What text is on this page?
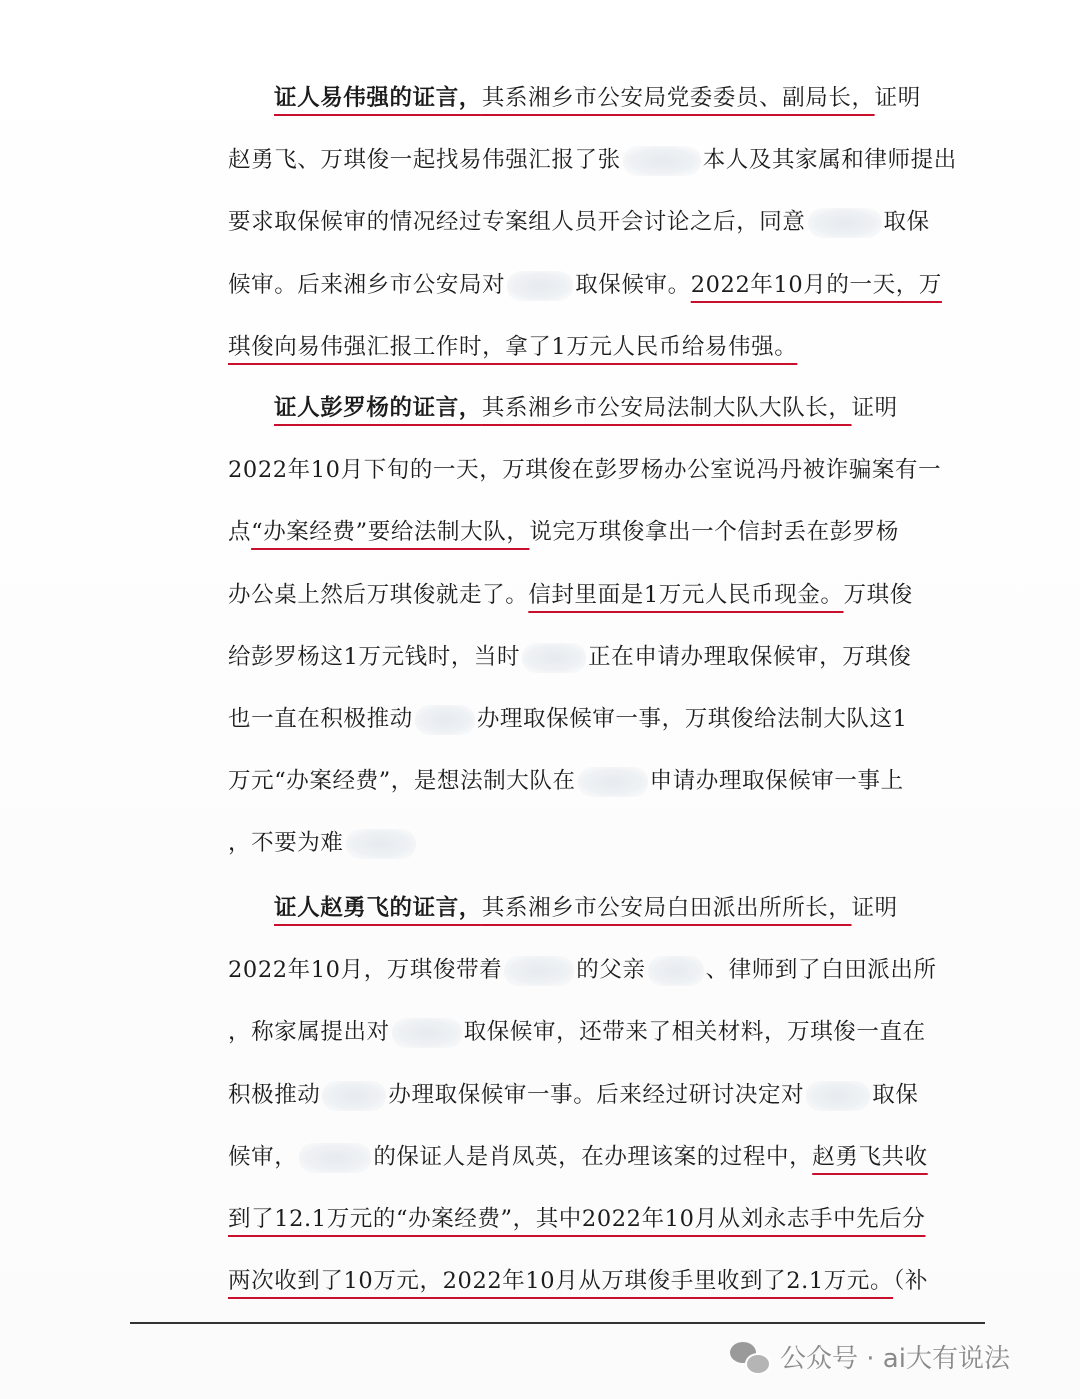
证人易伟强的证言，其系湘乡市公安局党委委员、副局长，证明
赵勇飞、万琪俊一起找易伟强汇报了张	本人及其家属和律师提出
要求取保候审的情况经过专案组人员开会讨论之后，同意	取保
候审。后来湘乡市公安局对	取保候审。2022年10月的一天，万
琪俊向易伟强汇报工作时，拿了1万元人民币给易伟强。
证人彭罗杨的证言，其系湘乡市公安局法制大队大队长，证明
2022年10月下旬的一天，万琪俊在彭罗杨办公室说冯丹被诈骗案有一
点“办案经费”要给法制大队，说完万琪俊拿出一个信封丢在彭罗杨
办公桌上然后万琪俊就走了。信封里面是1万元人民币现金。万琪俊
给彭罗杨这1万元钱时，当时	正在申请办理取保候审，万琪俊
也一直在积极推动	办理取保候审一事，万琪俊给法制大队这1
万元“办案经费”，是想法制大队在	申请办理取保候审一事上
，不要为难
证人赵勇飞的证言，其系湘乡市公安局白田派出所所长，证明
2022年10月，万琪俊带着	的父亲	、律师到了白田派出所
，称家属提出对	取保候审，还带来了相关材料，万琪俊一直在
积极推动	办理取保候审一事。后来经过研讨决定对	取保
候审，	的保证人是肖凤英，在办理该案的过程中，赵勇飞共收
到了12.1万元的“办案经费”，其中2022年10月从刘永志手中先后分
两次收到了10万元，2022年10月从万琪俊手里收到了2.1万元。（补
公众号 · ai大有说法
